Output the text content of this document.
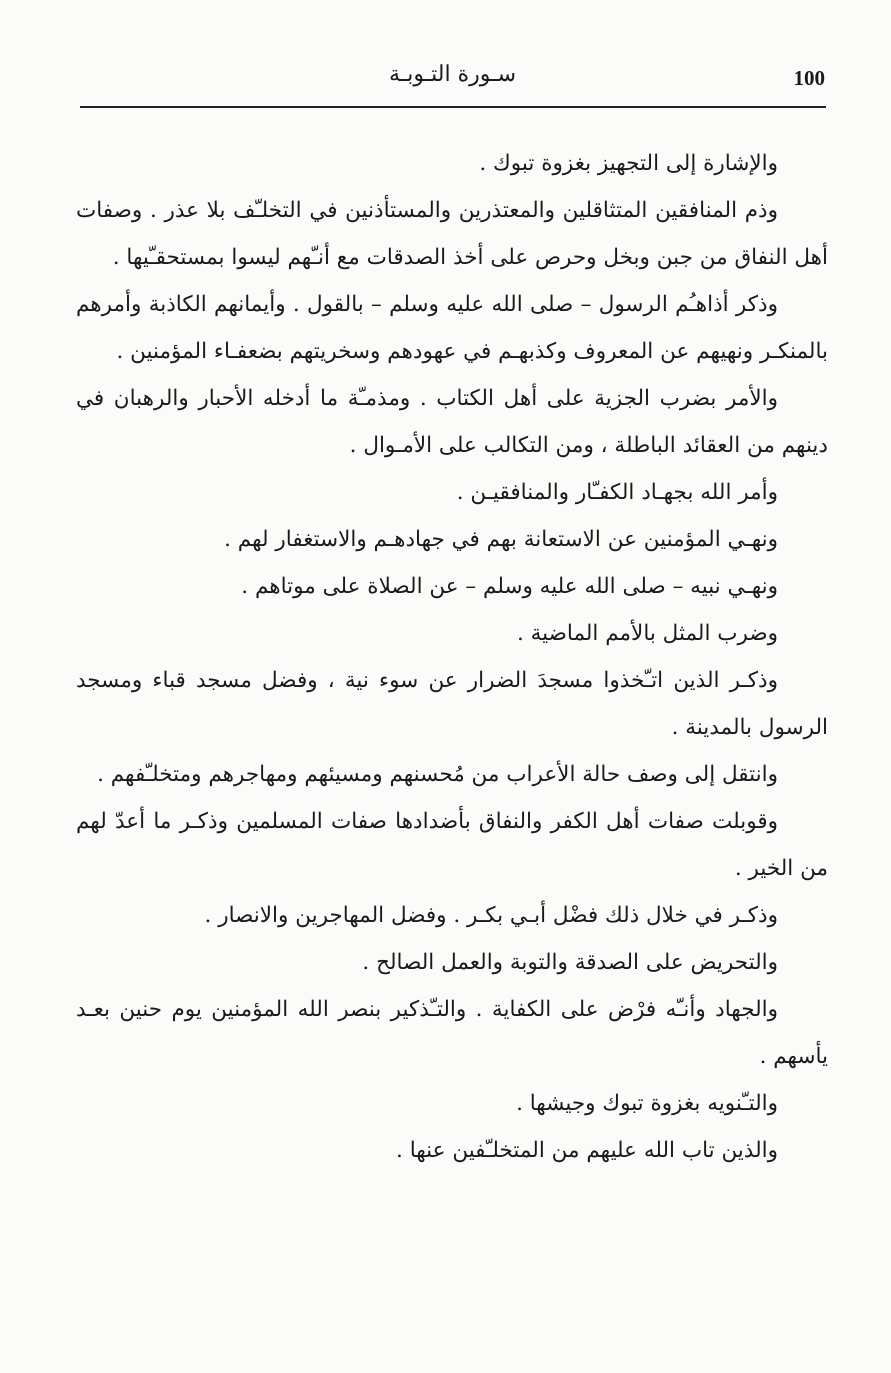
100
سـورة التـوبـة

والإشارة إلى التجهيز بغزوة تبوك .

وذم المنافقين المتثاقلين والمعتذرين والمستأذنين في التخلـّف بلا عذر . وصفات أهل النفاق من جبن وبخل وحرص على أخذ الصدقات مع أنـّهم ليسوا بمستحقـّيها .

وذكر أذاهـُم الرسول – صلى الله عليه وسلم – بالقول . وأيمانهم الكاذبة وأمرهم بالمنكـر ونهيهم عن المعروف وكذبهـم في عهودهم وسخريتهم بضعفـاء المؤمنين .

والأمر بضرب الجزية على أهل الكتاب . ومذمـّة ما أدخله الأحبار والرهبان في دينهم من العقائد الباطلة ، ومن التكالب على الأمـوال .

وأمر الله بجهـاد الكفـّار والمنافقيـن .

ونهـي المؤمنين عن الاستعانة بهم في جهادهـم والاستغفار لهم .

ونهـي نبيه – صلى الله عليه وسلم – عن الصلاة على موتاهم .

وضرب المثل بالأمم الماضية .

وذكـر الذين اتـّخذوا مسجدَ الضرار عن سوء نية ، وفضل مسجد قباء ومسجد الرسول بالمدينة .

وانتقل إلى وصف حالة الأعراب من مُحسنهم ومسيئهم ومهاجرهم ومتخلـّفهم .

وقوبلت صفات أهل الكفر والنفاق بأضدادها صفات المسلمين وذكـر ما أعدّ لهم من الخير .

وذكـر في خلال ذلك فضْل أبـي بكـر . وفضل المهاجرين والانصار .

والتحريض على الصدقة والتوبة والعمل الصالح .

والجهاد وأنـّه فرْض على الكفاية . والتـّذكير بنصر الله المؤمنين يوم حنين بعـد يأسهم .

والتـّنويه بغزوة تبوك وجيشها .

والذين تاب الله عليهم من المتخلـّفين عنها .
